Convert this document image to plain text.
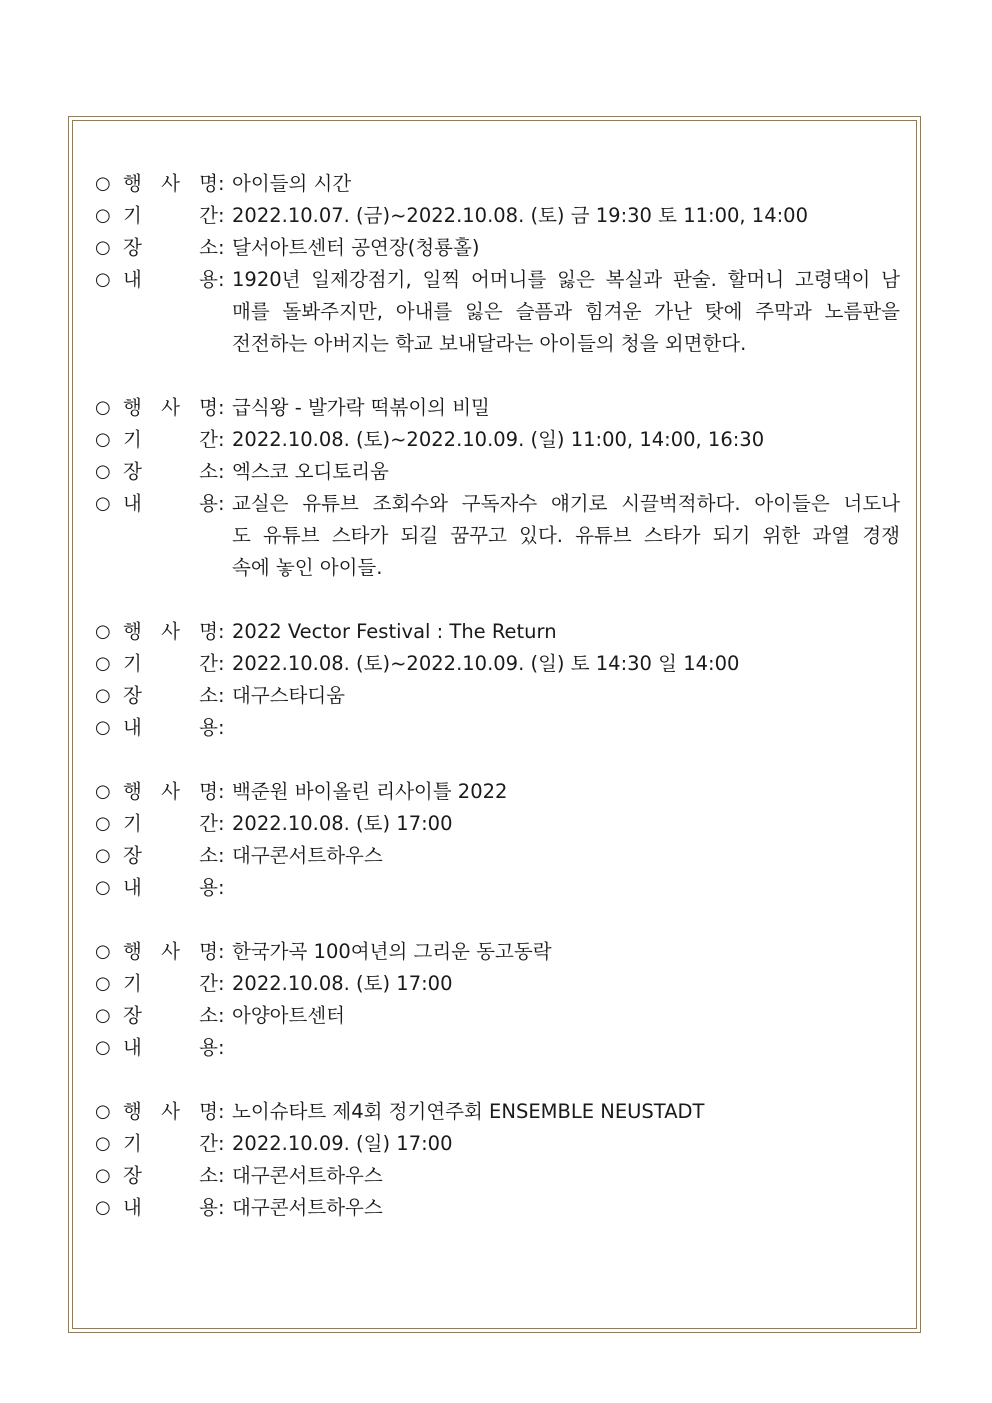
○ 행 사 명 : 아이들의 시간
○ 기	간 : 2022.10.07. (금)~2022.10.08. (토) 금 19:30 토 11:00, 14:00
○ 장	소 : 달서아트센터 공연장(청룡홀)
○ 내	용 : 1920년 일제강점기, 일찍 어머니를 잃은 복실과 판술. 할머니 고령댁이 남
매를 돌봐주지만, 아내를 잃은 슬픔과 힘겨운 가난 탓에 주막과 노름판을
전전하는 아버지는 학교 보내달라는 아이들의 청을 외면한다.
○ 행 사 명 : 급식왕 - 발가락 떡볶이의 비밀
○ 기	간 : 2022.10.08. (토)~2022.10.09. (일) 11:00, 14:00, 16:30
○ 장	소 : 엑스코 오디토리움
○ 내	용 : 교실은 유튜브 조회수와 구독자수 얘기로 시끌벅적하다. 아이들은 너도나
도 유튜브 스타가 되길 꿈꾸고 있다. 유튜브 스타가 되기 위한 과열 경쟁
속에 놓인 아이들.
○ 행 사 명 : 2022 Vector Festival : The Return
○ 기	간 : 2022.10.08. (토)~2022.10.09. (일) 토 14:30 일 14:00
○ 장	소 : 대구스타디움
○ 내	용 :
○ 행 사 명 : 백준원 바이올린 리사이틀 2022
○ 기	간 : 2022.10.08. (토) 17:00
○ 장	소 : 대구콘서트하우스
○ 내	용 :
○ 행 사 명 : 한국가곡 100여년의 그리운 동고동락
○ 기	간 : 2022.10.08. (토) 17:00
○ 장	소 : 아양아트센터
○ 내	용 :
○ 행 사 명 : 노이슈타트 제4회 정기연주회 ENSEMBLE NEUSTADT
○ 기	간 : 2022.10.09. (일) 17:00
○ 장	소 : 대구콘서트하우스
○ 내	용 : 대구콘서트하우스
